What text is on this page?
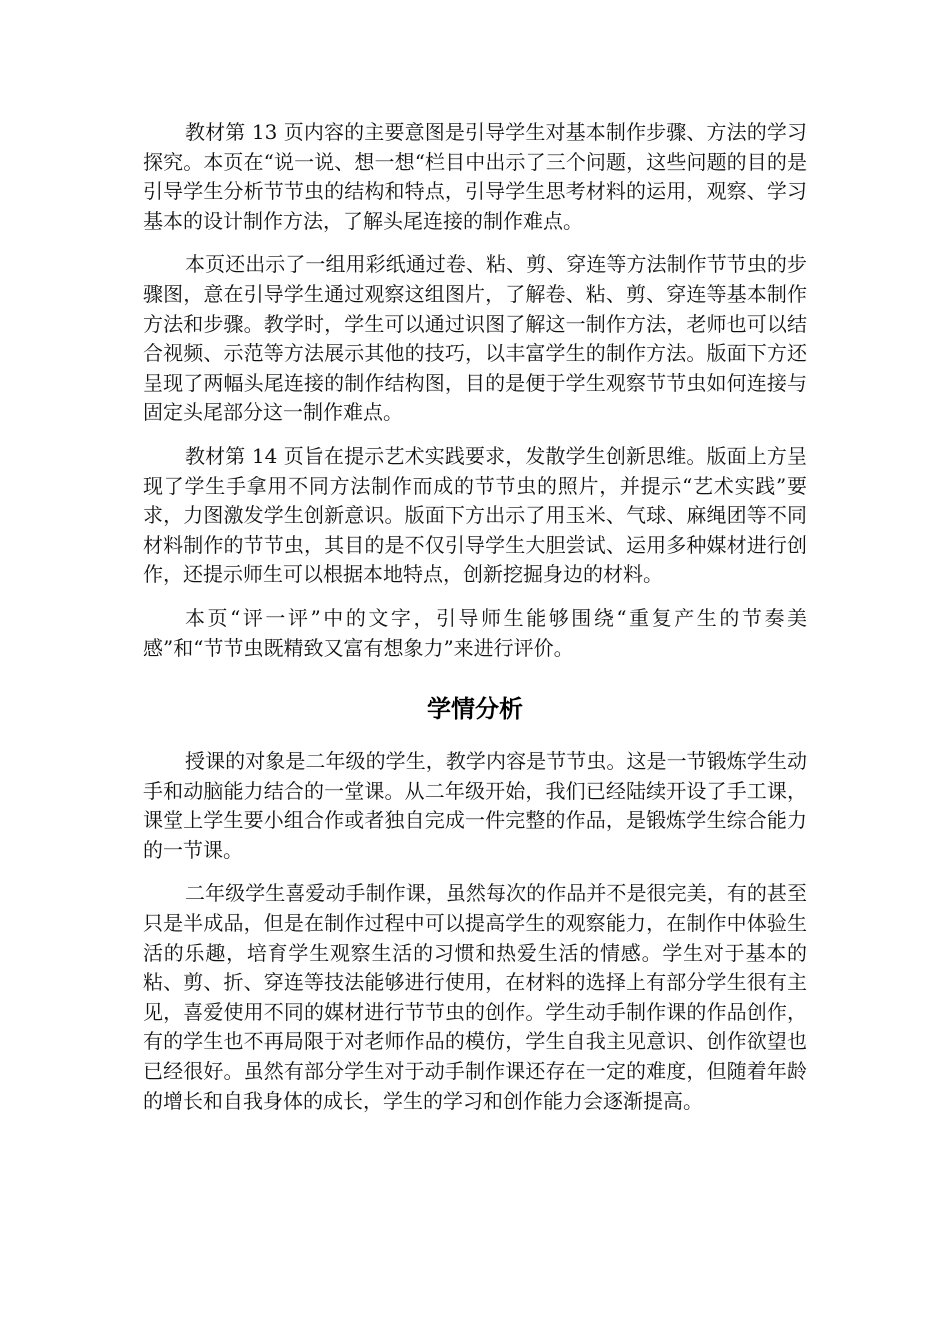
教材第 13 页内容的主要意图是引导学生对基本制作步骤、方法的学习探究。本页在“说一说、想一想“栏目中出示了三个问题，这些问题的目的是引导学生分析节节虫的结构和特点，引导学生思考材料的运用，观察、学习基本的设计制作方法，了解头尾连接的制作难点。

本页还出示了一组用彩纸通过卷、粘、剪、穿连等方法制作节节虫的步骤图，意在引导学生通过观察这组图片，了解卷、粘、剪、穿连等基本制作方法和步骤。教学时，学生可以通过识图了解这一制作方法，老师也可以结合视频、示范等方法展示其他的技巧，以丰富学生的制作方法。版面下方还呈现了两幅头尾连接的制作结构图，目的是便于学生观察节节虫如何连接与固定头尾部分这一制作难点。

教材第 14 页旨在提示艺术实践要求，发散学生创新思维。版面上方呈现了学生手拿用不同方法制作而成的节节虫的照片，并提示“艺术实践”要求，力图激发学生创新意识。版面下方出示了用玉米、气球、麻绳团等不同材料制作的节节虫，其目的是不仅引导学生大胆尝试、运用多种媒材进行创作，还提示师生可以根据本地特点，创新挖掘身边的材料。

本页“评一评”中的文字，引导师生能够围绕“重复产生的节奏美感”和“节节虫既精致又富有想象力”来进行评价。

学情分析

授课的对象是二年级的学生，教学内容是节节虫。这是一节锻炼学生动手和动脑能力结合的一堂课。从二年级开始，我们已经陆续开设了手工课，课堂上学生要小组合作或者独自完成一件完整的作品，是锻炼学生综合能力的一节课。

二年级学生喜爱动手制作课，虽然每次的作品并不是很完美，有的甚至只是半成品，但是在制作过程中可以提高学生的观察能力，在制作中体验生活的乐趣，培育学生观察生活的习惯和热爱生活的情感。学生对于基本的粘、剪、折、穿连等技法能够进行使用，在材料的选择上有部分学生很有主见，喜爱使用不同的媒材进行节节虫的创作。学生动手制作课的作品创作，有的学生也不再局限于对老师作品的模仿，学生自我主见意识、创作欲望也已经很好。虽然有部分学生对于动手制作课还存在一定的难度，但随着年龄的增长和自我身体的成长，学生的学习和创作能力会逐渐提高。
